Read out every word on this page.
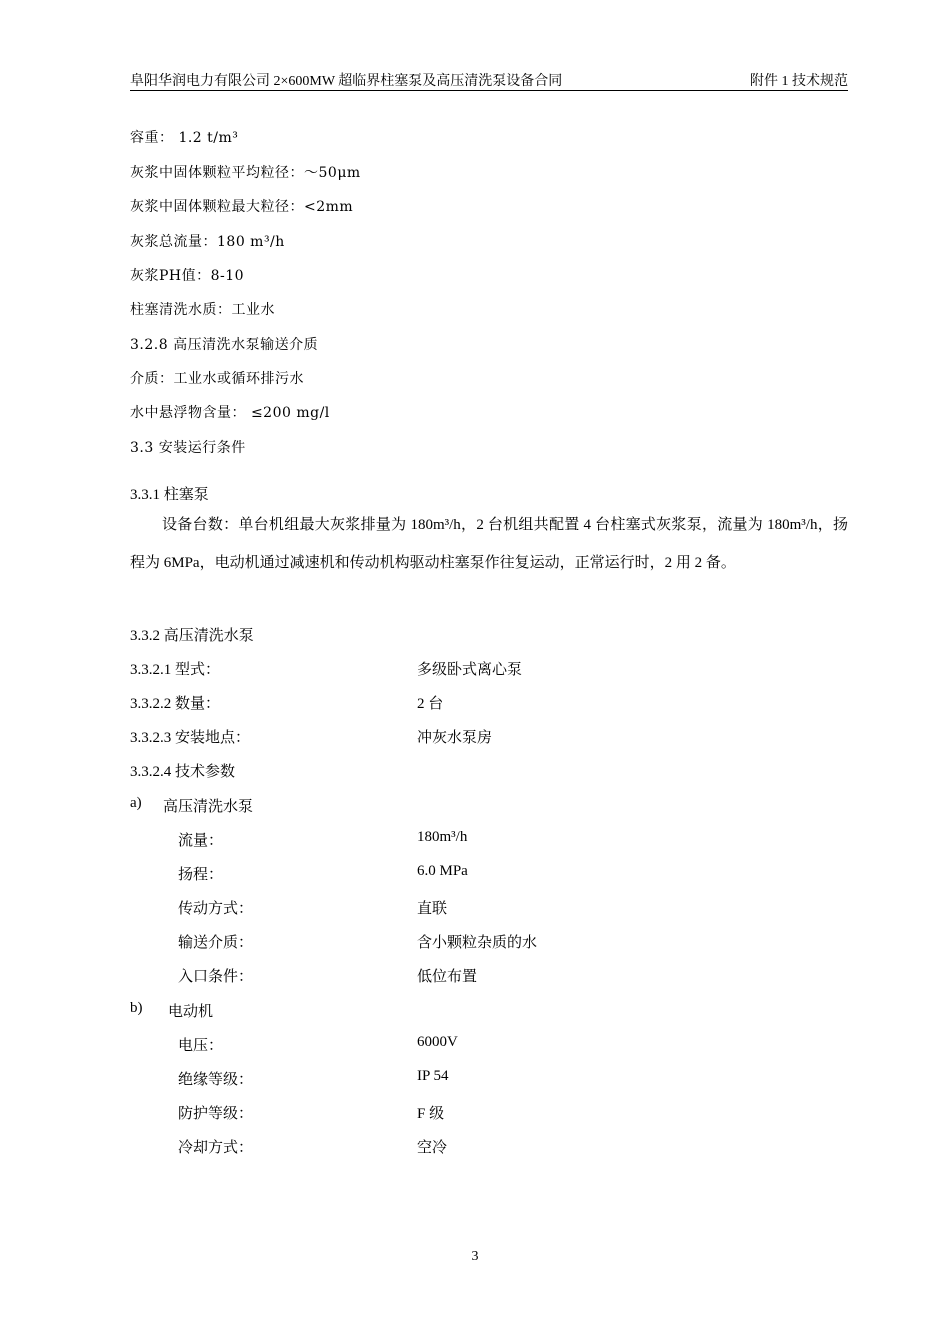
阜阳华润电力有限公司 2×600MW 超临界柱塞泵及高压清洗泵设备合同	附件 1 技术规范
容重： 1.2 t/m³
灰浆中固体颗粒平均粒径：～50μm
灰浆中固体颗粒最大粒径：<2mm
灰浆总流量：180 m³/h
灰浆PH值：8-10
柱塞清洗水质：工业水
3.2.8 高压清洗水泵输送介质
介质：工业水或循环排污水
水中悬浮物含量： ≤200 mg/l
3.3 安装运行条件
3.3.1 柱塞泵
设备台数：单台机组最大灰浆排量为 180m³/h，2 台机组共配置 4 台柱塞式灰浆泵，流量为 180m³/h，扬程为 6MPa，电动机通过减速机和传动机构驱动柱塞泵作往复运动，正常运行时，2 用 2 备。
3.3.2 高压清洗水泵
3.3.2.1 型式：	多级卧式离心泵
3.3.2.2 数量：	2 台
3.3.2.3 安装地点：	冲灰水泵房
3.3.2.4 技术参数
a) 高压清洗水泵
流量：	180m³/h
扬程：	6.0 MPa
传动方式：	直联
输送介质：	含小颗粒杂质的水
入口条件：	低位布置
b) 电动机
电压：	6000V
绝缘等级：	IP 54
防护等级：	F 级
冷却方式：	空冷
3
